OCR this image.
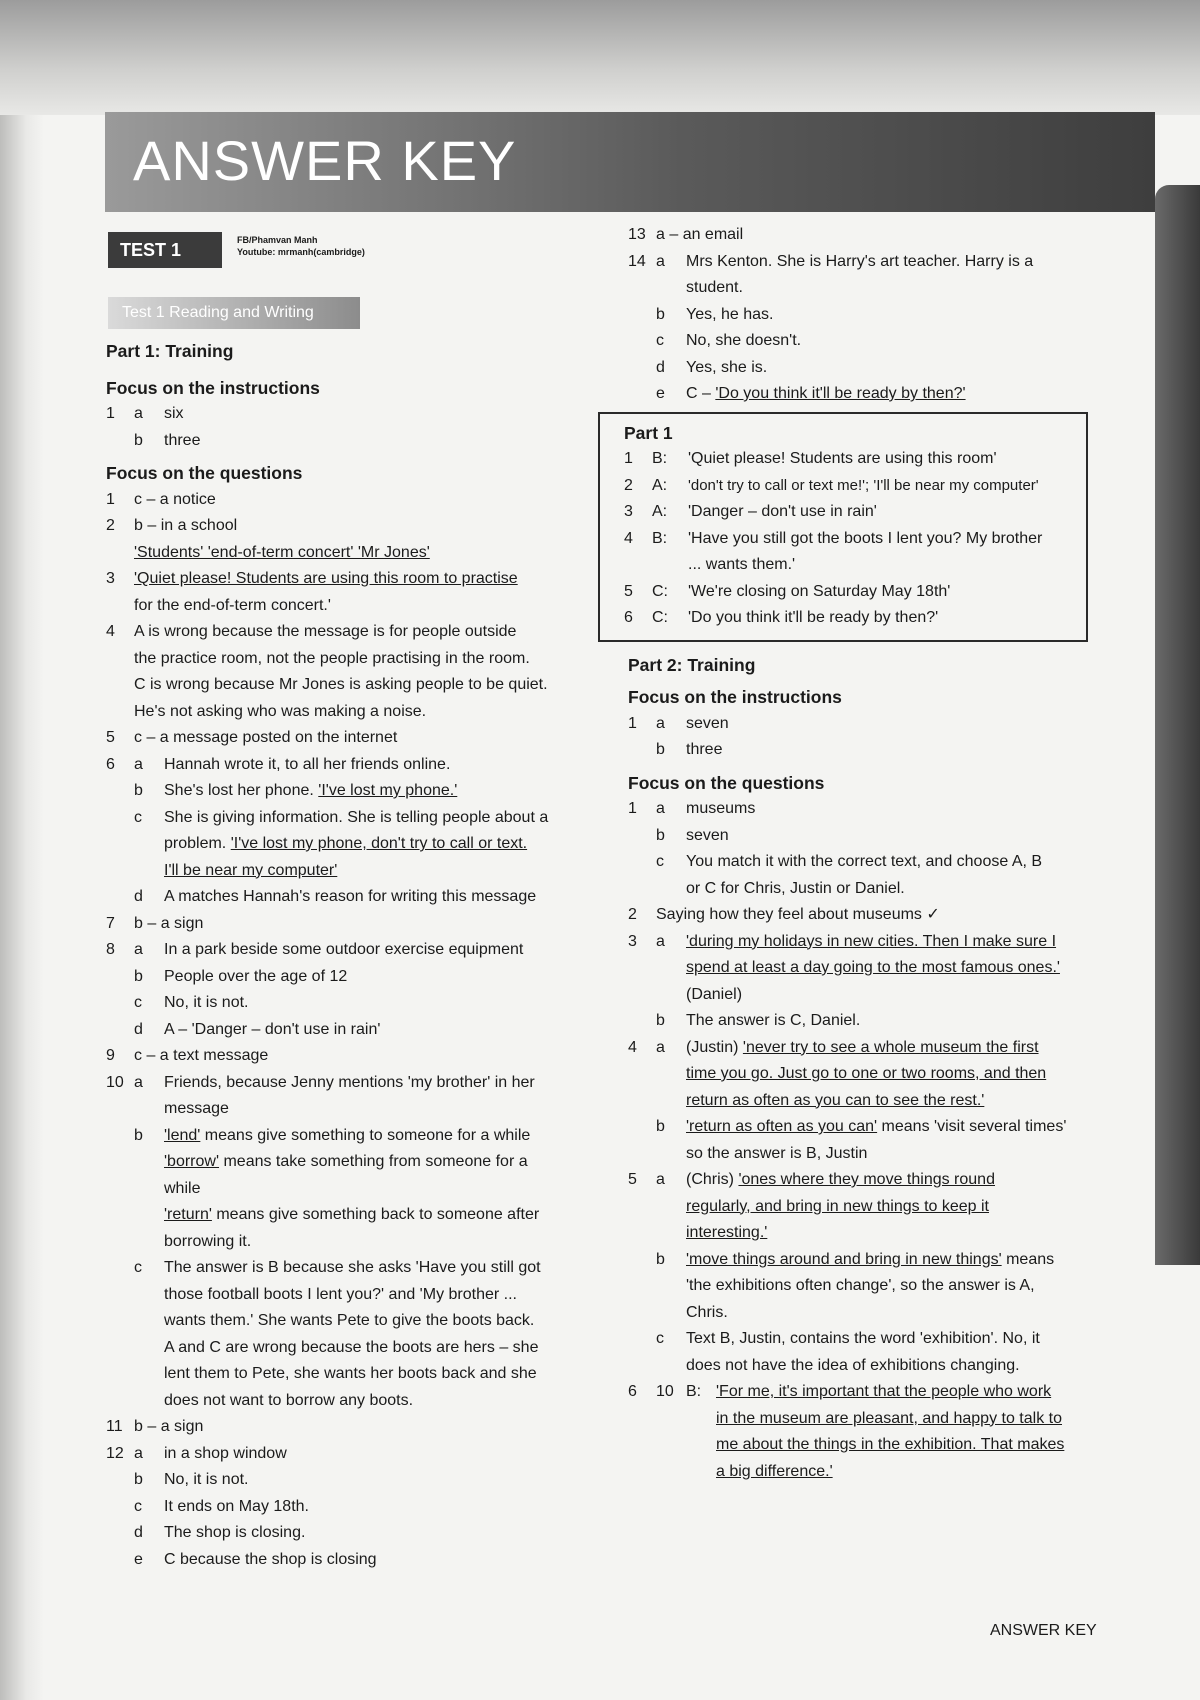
ANSWER KEY
TEST 1	FB/Phamvan Manh
Youtube: mrmanh(cambridge)
Test 1 Reading and Writing

Part 1: Training

Focus on the instructions

1	a	six
b	three

Focus on the questions

1	c – a notice
2	b – in a school
'Students' 'end-of-term concert' 'Mr Jones'
3	'Quiet please! Students are using this room to practise
for the end-of-term concert.'
4	A is wrong because the message is for people outside
the practice room, not the people practising in the room.
C is wrong because Mr Jones is asking people to be quiet.
He's not asking who was making a noise.
5	c – a message posted on the internet
6	a	Hannah wrote it, to all her friends online.
b	She's lost her phone. 'I've lost my phone.'
c	She is giving information. She is telling people about a
problem. 'I've lost my phone, don't try to call or text.
I'll be near my computer'
d	A matches Hannah's reason for writing this message
7	b – a sign
8	a	In a park beside some outdoor exercise equipment
b	People over the age of 12
c	No, it is not.
d	A – 'Danger – don't use in rain'
9	c – a text message
10 a	Friends, because Jenny mentions 'my brother' in her
message
b	'lend' means give something to someone for a while
'borrow' means take something from someone for a
while
'return' means give something back to someone after
borrowing it.
c	The answer is B because she asks 'Have you still got
those football boots I lent you?' and 'My brother ...
wants them.' She wants Pete to give the boots back.
A and C are wrong because the boots are hers – she
lent them to Pete, she wants her boots back and she
does not want to borrow any boots.
11 b – a sign
12 a	in a shop window
b	No, it is not.
c	It ends on May 18th.
d	The shop is closing.
e	C because the shop is closing
13 a – an email
14 a	Mrs Kenton. She is Harry's art teacher. Harry is a
student.
b	Yes, he has.
c	No, she doesn't.
d	Yes, she is.
e	C – 'Do you think it'll be ready by then?'

Part 1

1	B:	'Quiet please! Students are using this room'
2	A:	'don't try to call or text me!'; 'I'll be near my computer'
3	A:	'Danger – don't use in rain'
4	B:	'Have you still got the boots I lent you? My brother
... wants them.'
5	C:	'We're closing on Saturday May 18th'
6	C:	'Do you think it'll be ready by then?'

Part 2: Training

Focus on the instructions

1	a	seven
b	three

Focus on the questions

1	a	museums
b	seven
c	You match it with the correct text, and choose A, B
or C for Chris, Justin or Daniel.
2	Saying how they feel about museums ✓
3	a	'during my holidays in new cities. Then I make sure I
spend at least a day going to the most famous ones.'
(Daniel)
b	The answer is C, Daniel.
4	a	(Justin) 'never try to see a whole museum the first
time you go. Just go to one or two rooms, and then
return as often as you can to see the rest.'
b	'return as often as you can' means 'visit several times'
so the answer is B, Justin
5	a	(Chris) 'ones where they move things round
regularly, and bring in new things to keep it
interesting.'
b	'move things around and bring in new things' means
'the exhibitions often change', so the answer is A,
Chris.
c	Text B, Justin, contains the word 'exhibition'. No, it
does not have the idea of exhibitions changing.
6	10 B: 'For me, it's important that the people who work
in the museum are pleasant, and happy to talk to
me about the things in the exhibition. That makes
a big difference.'
ANSWER KEY
